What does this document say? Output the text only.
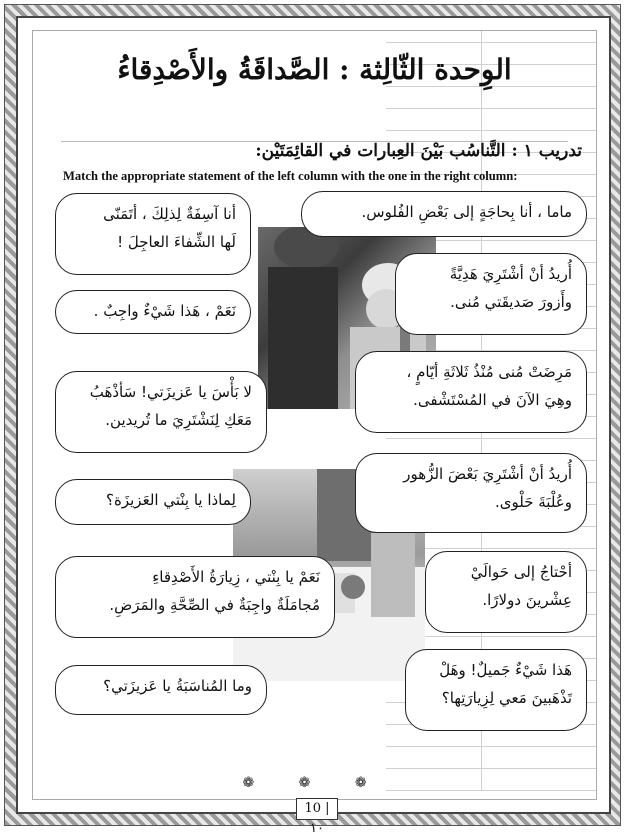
الوِحدة الثّالِثة : الصَّداقَةُ والأَصْدِقاءُ
تدريب ١ : التَّناسُب بَيْنَ العِبارات في القائِمَتَيْن:
Match the appropriate statement of the left column with the one in the right column:
أنا آسِفَةٌ لِذلِكَ ، أتَمَنّى
لَها الشِّفاءَ العاجِلَ !
نَعَمْ ، هَذا شَيْءٌ واجِبٌ .
لا بَأْسَ يا عَزيزَتي! سَأذْهَبُ
مَعَكِ لِنَشْتَرِيَ ما تُريدين.
لِماذا يا بِنْتي العَزيزَة؟
نَعَمْ يا بِنْتي ، زِيارَةُ الأَصْدِقاءِ
مُجامَلَةٌ واجِبَةٌ في الصِّحَّةِ والمَرَضِ.
وما المُناسَبَةُ يا عَزيزَتي؟
ماما ، أنا بِحاجَةٍ إلى بَعْضِ الفُلوس.
أُريدُ أنْ أشْتَرِيَ هَدِيَّةً
وأَزورَ صَديقَتي مُنى.
مَرِضَتْ مُنى مُنْذُ ثَلاثَةِ أيّامٍ ،
وهِيَ الآنَ في المُسْتَشْفى.
أُريدُ أنْ أشْتَرِيَ بَعْضَ الزُّهور
وعُلْبَةَ حَلْوى.
أحْتاجُ إلى حَوالَيْ
عِشْرينَ دولارًا.
هَذا شَيْءٌ جَميلٌ! وهَلْ
تَذْهَبينَ مَعي لِزِيارَتِها؟
❁ ❁ ❁
10 | ١٠
